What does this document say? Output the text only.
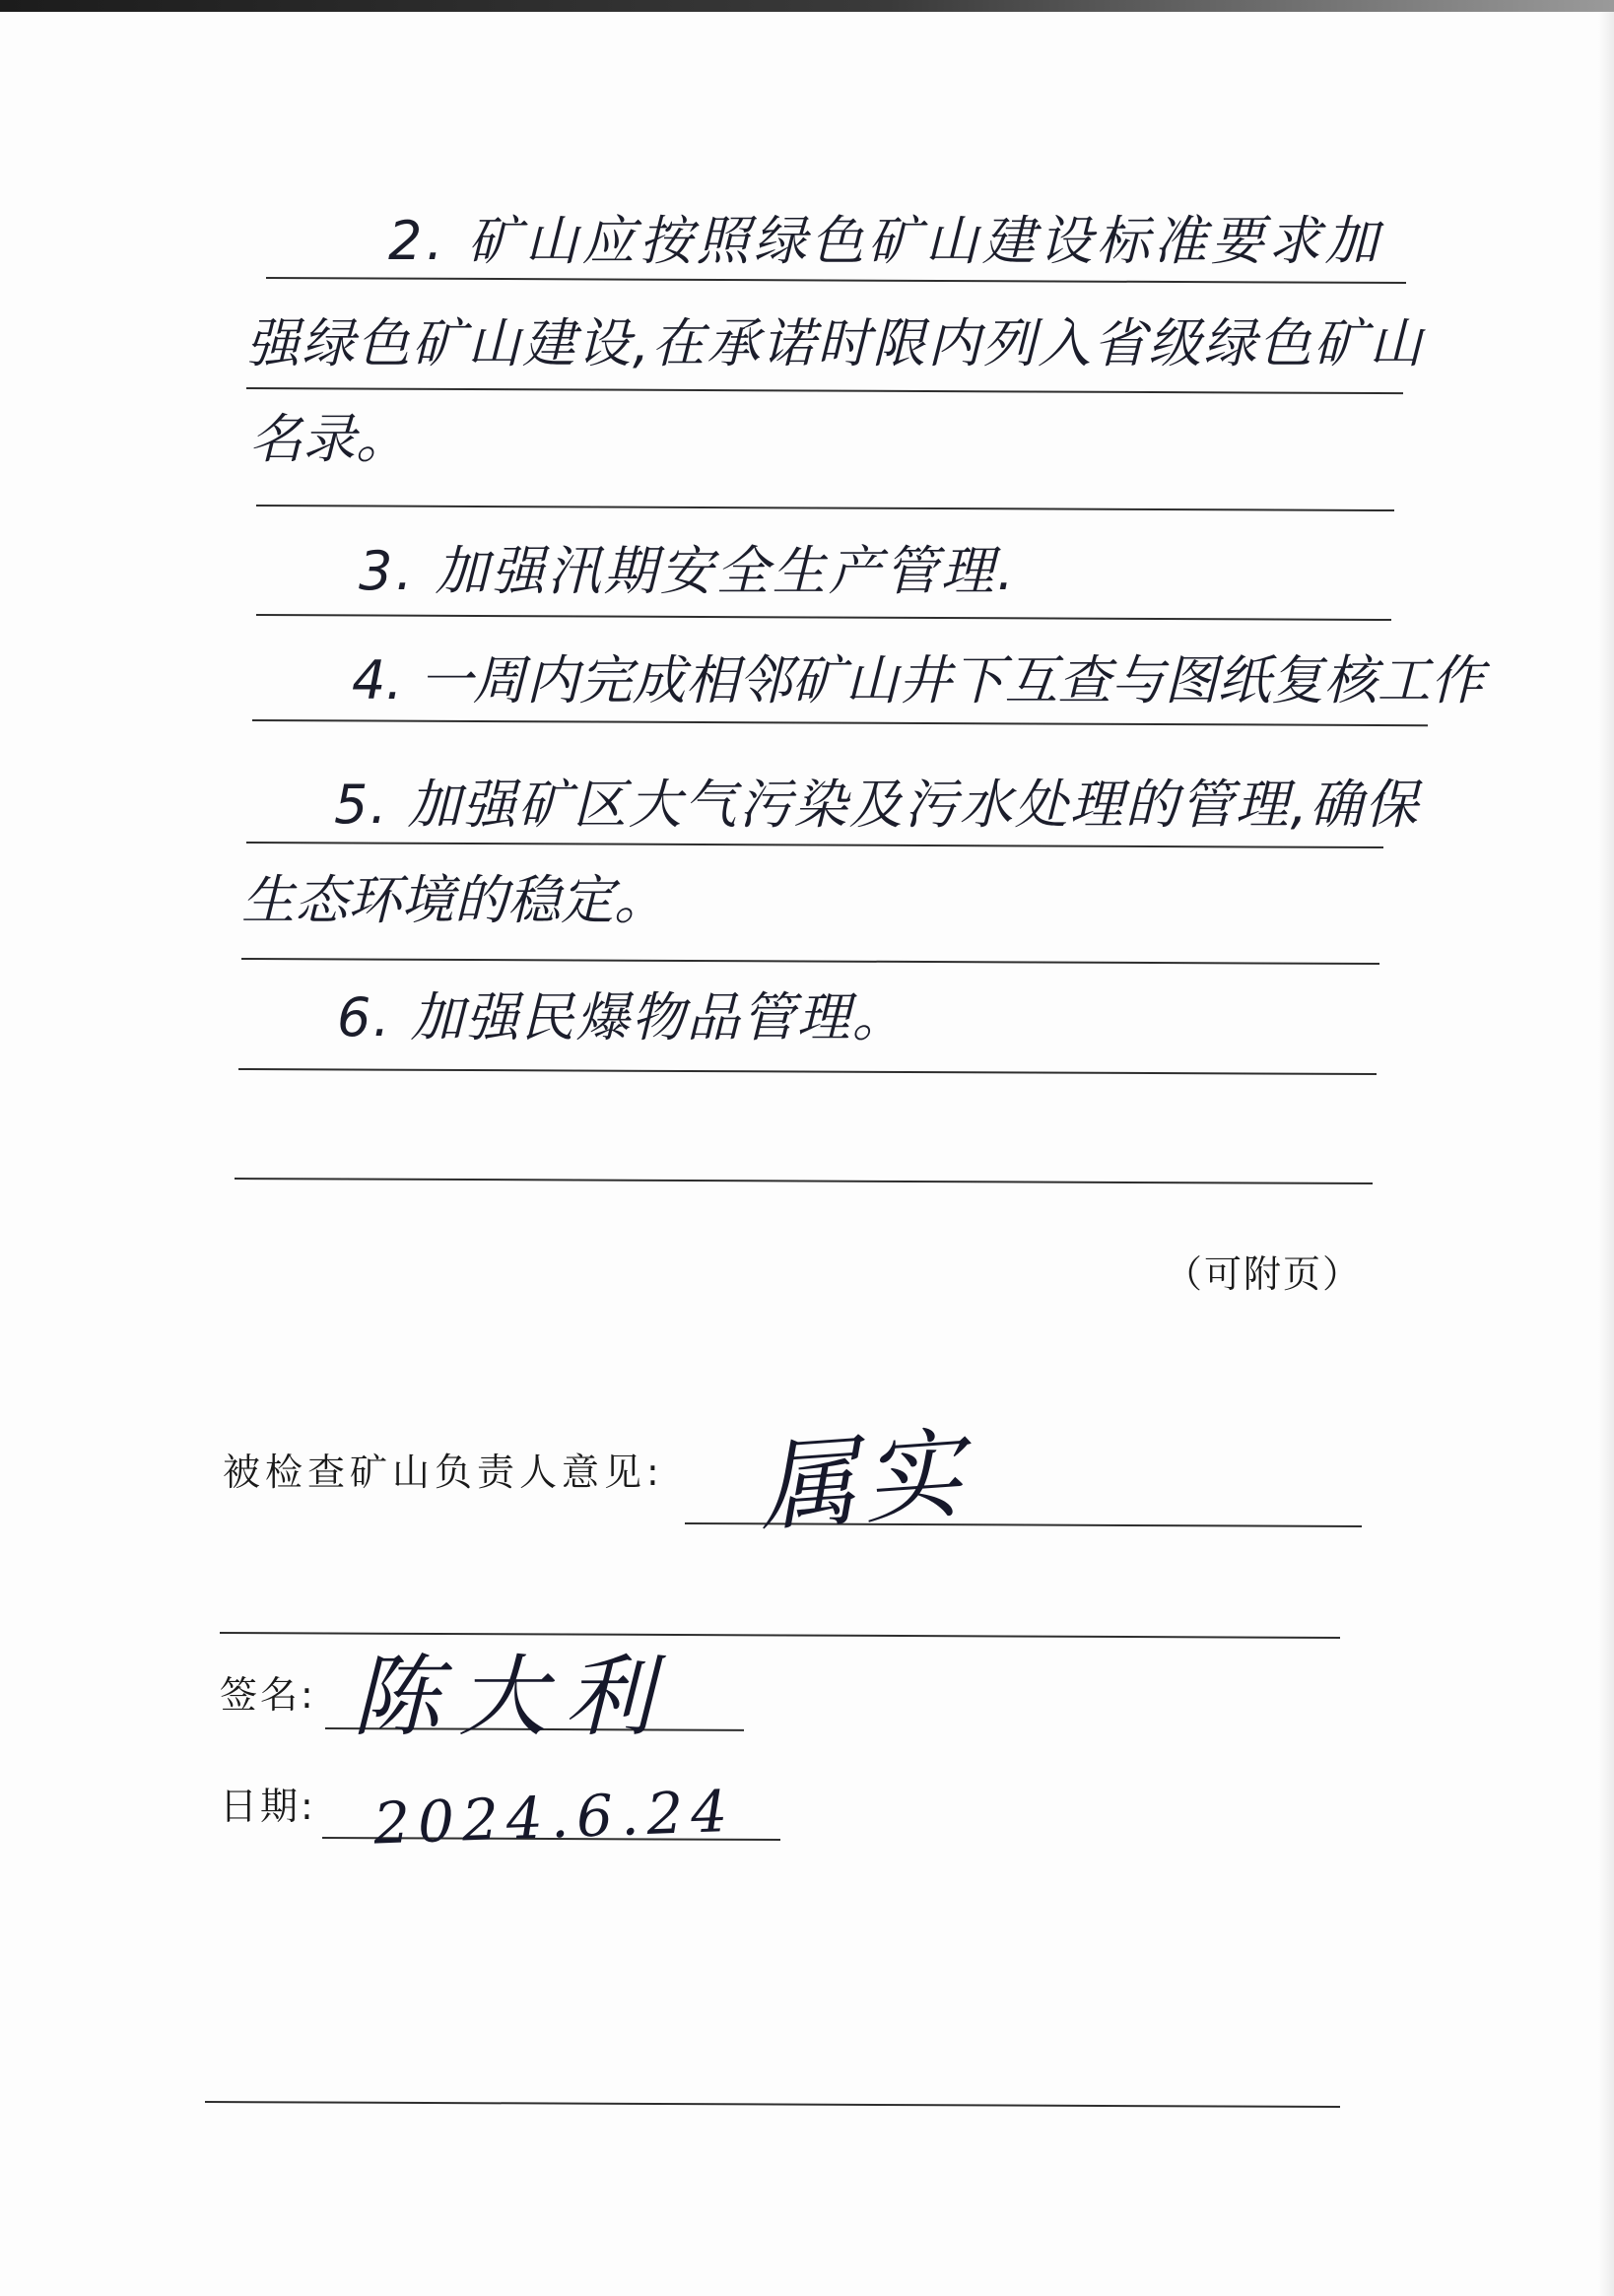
2. 矿山应按照绿色矿山建设标准要求加
强绿色矿山建设,在承诺时限内列入省级绿色矿山
名录。
3. 加强汛期安全生产管理.
4. 一周内完成相邻矿山井下互查与图纸复核工作
5. 加强矿区大气污染及污水处理的管理,确保
生态环境的稳定。
6. 加强民爆物品管理。
（可附页）
被检查矿山负责人意见: 属实
签名: 陈大利
日期: 2024.6.24
